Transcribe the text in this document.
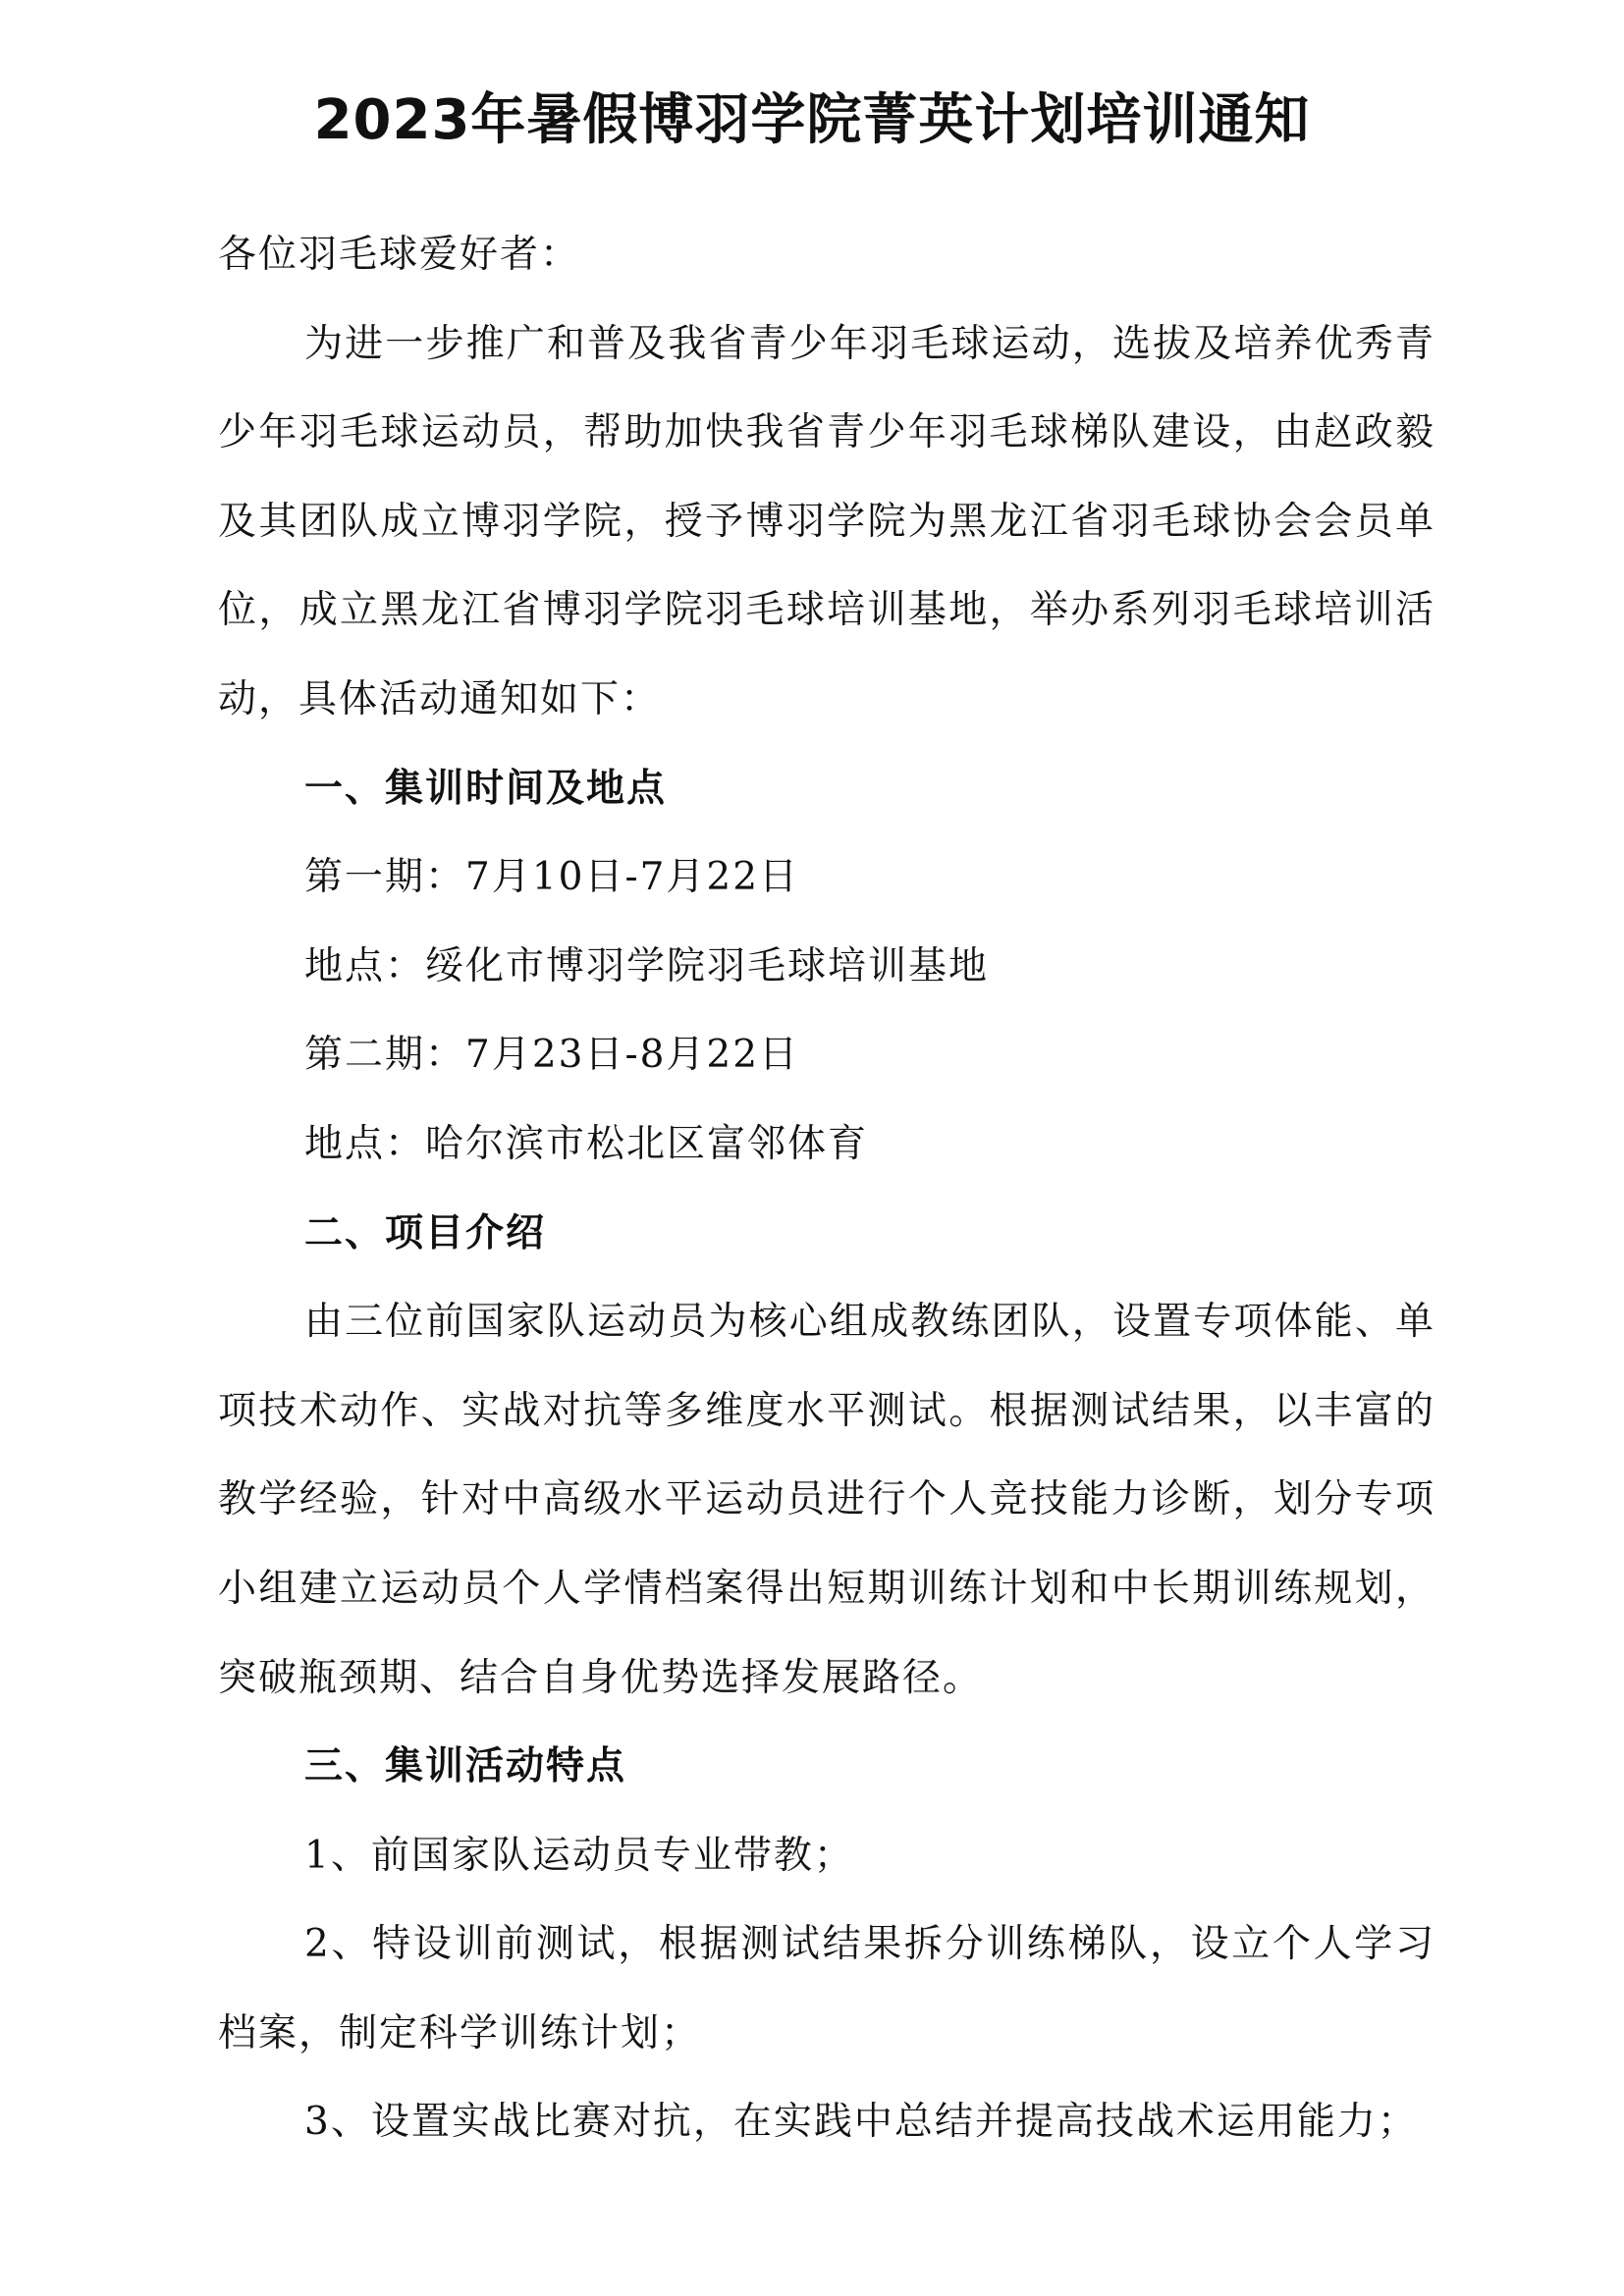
2023年暑假博羽学院菁英计划培训通知

各位羽毛球爱好者：

为进一步推广和普及我省青少年羽毛球运动，选拔及培养优秀青少年羽毛球运动员，帮助加快我省青少年羽毛球梯队建设，由赵政毅及其团队成立博羽学院，授予博羽学院为黑龙江省羽毛球协会会员单位，成立黑龙江省博羽学院羽毛球培训基地，举办系列羽毛球培训活动，具体活动通知如下：

一、集训时间及地点

第一期：7月10日-7月22日

地点：绥化市博羽学院羽毛球培训基地

第二期：7月23日-8月22日

地点：哈尔滨市松北区富邻体育

二、项目介绍

由三位前国家队运动员为核心组成教练团队，设置专项体能、单项技术动作、实战对抗等多维度水平测试。根据测试结果，以丰富的教学经验，针对中高级水平运动员进行个人竞技能力诊断，划分专项小组建立运动员个人学情档案得出短期训练计划和中长期训练规划，突破瓶颈期、结合自身优势选择发展路径。

三、集训活动特点

1、前国家队运动员专业带教；

2、特设训前测试，根据测试结果拆分训练梯队，设立个人学习档案，制定科学训练计划；

3、设置实战比赛对抗，在实践中总结并提高技战术运用能力；
